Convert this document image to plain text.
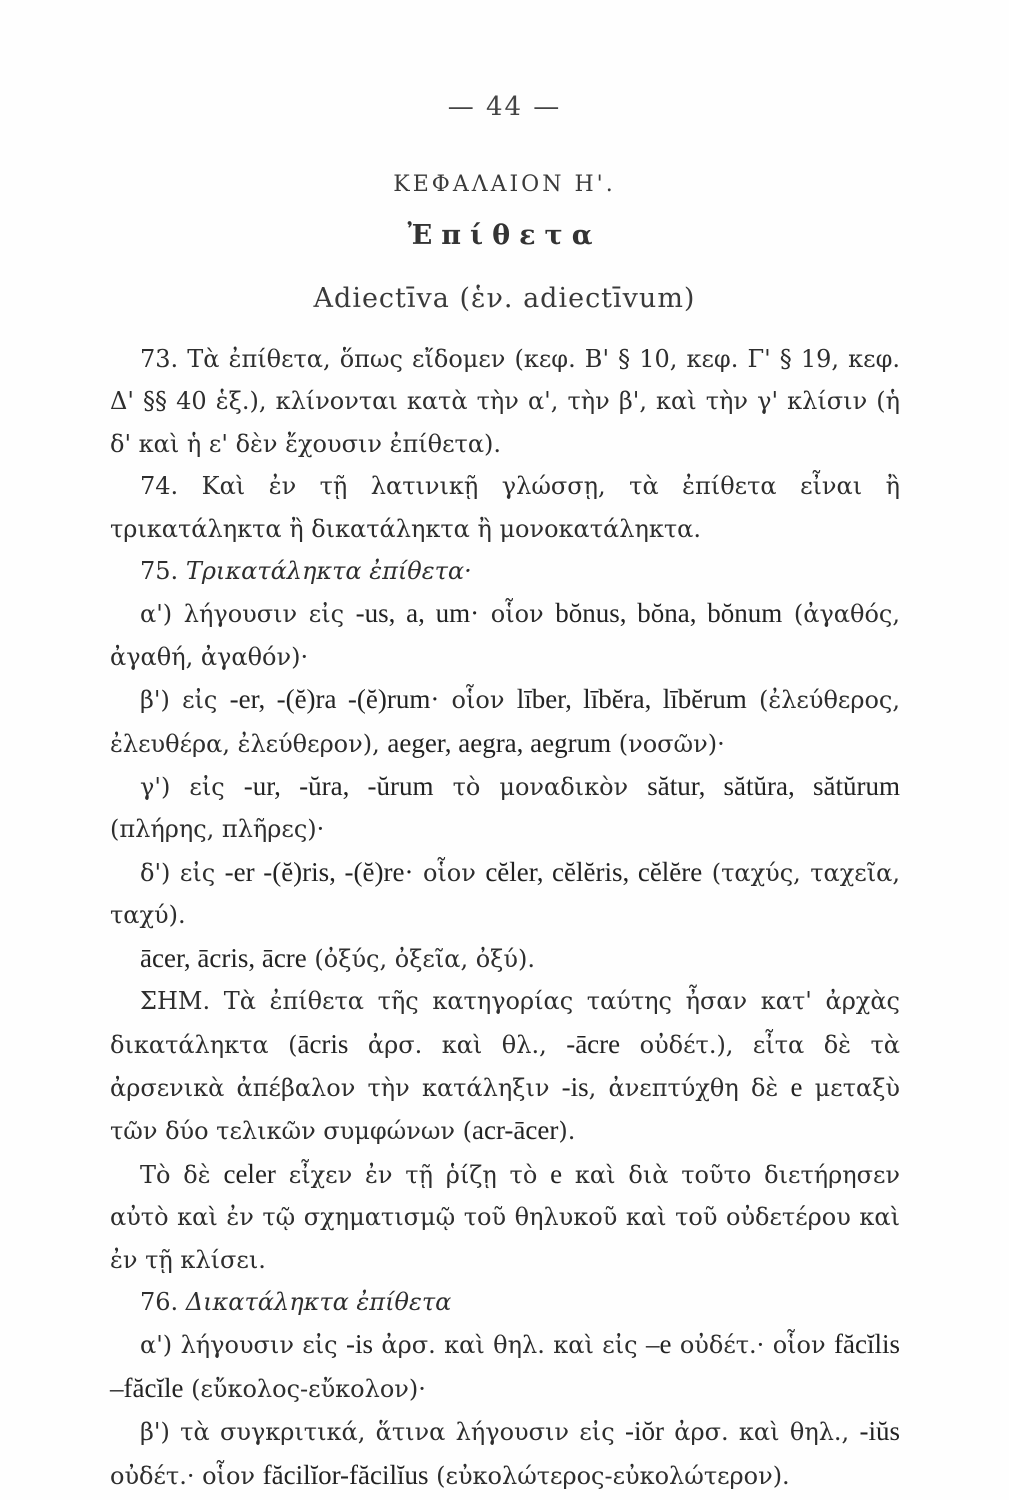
— 44 —
ΚΕΦΑΛΑΙΟΝ Η'.
Ἐπίθετα
Adiectīva (ἑν. adiectīvum)

73. Τὰ ἐπίθετα, ὅπως εἴδομεν (κεφ. Β' § 10, κεφ. Γ' § 19, κεφ. Δ' §§ 40 ἑξ.), κλίνονται κατὰ τὴν α', τὴν β', καὶ τὴν γ' κλίσιν (ἡ δ' καὶ ἡ ε' δὲν ἔχουσιν ἐπίθετα).

74. Καὶ ἐν τῇ λατινικῇ γλώσσῃ, τὰ ἐπίθετα εἶναι ἢ τρικατάληκτα ἢ δικατάληκτα ἢ μονοκατάληκτα.

75. Τρικατάληκτα ἐπίθετα·

α') λήγουσιν εἰς -us, a, um· οἷον bŏnus, bŏna, bŏnum (ἀγαθός, ἀγαθή, ἀγαθόν)·

β') εἰς -er, -(ĕ)ra -(ĕ)rum· οἷον līber, lībĕra, lībĕrum (ἐλεύθερος, ἐλευθέρα, ἐλεύθερον), aeger, aegra, aegrum (νοσῶν)·

γ') εἰς -ur, -ŭra, -ŭrum τὸ μοναδικὸν sătur, sătŭra, sătŭrum (πλήρης, πλῆρες)·

δ') εἰς -er -(ĕ)ris, -(ĕ)re· οἷον cĕler, cĕlĕris, cĕlĕre (ταχύς, ταχεῖα, ταχύ).

ācer, ācris, ācre (ὀξύς, ὀξεῖα, ὀξύ).

ΣΗΜ. Τὰ ἐπίθετα τῆς κατηγορίας ταύτης ἦσαν κατ' ἀρχὰς δικατάληκτα (ācris ἀρσ. καὶ θλ., -ācre οὐδέτ.), εἶτα δὲ τὰ ἀρσενικὰ ἀπέβαλον τὴν κατάληξιν -is, ἀνεπτύχθη δὲ e μεταξὺ τῶν δύο τελικῶν συμφώνων (acr-ācer).

Τὸ δὲ celer εἶχεν ἐν τῇ ῥίζῃ τὸ e καὶ διὰ τοῦτο διετήρησεν αὐτὸ καὶ ἐν τῷ σχηματισμῷ τοῦ θηλυκοῦ καὶ τοῦ οὐδετέρου καὶ ἐν τῇ κλίσει.

76. Δικατάληκτα ἐπίθετα

α') λήγουσιν εἰς -is ἀρσ. καὶ θηλ. καὶ εἰς –e οὐδέτ.· οἷον făcĭlis –făcĭle (εὔκολος-εὔκολον)·

β') τὰ συγκριτικά, ἅτινα λήγουσιν εἰς -iŏr ἀρσ. καὶ θηλ., -iŭs οὐδέτ.· οἷον făcilĭor-făcilĭus (εὐκολώτερος-εὐκολώτερον).
